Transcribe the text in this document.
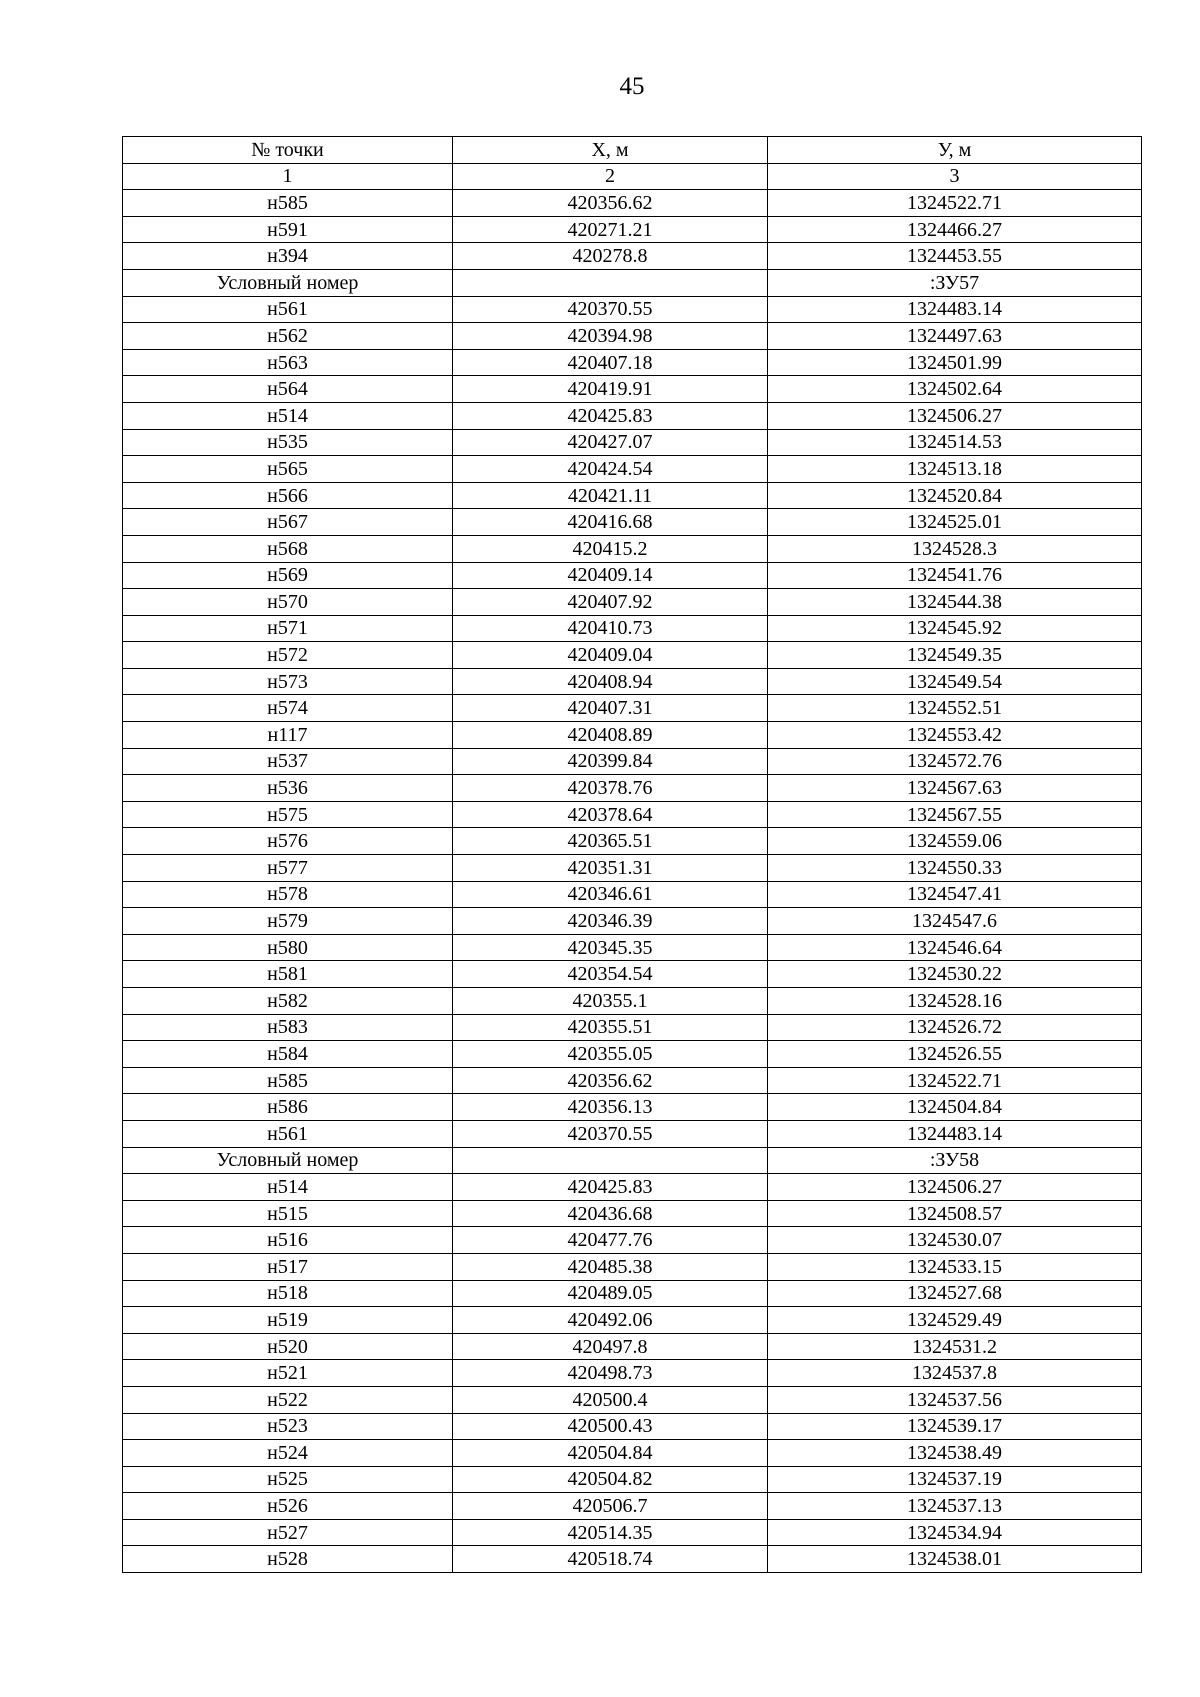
45
№ точки	X, м	У, м
1	2	3
н585	420356.62	1324522.71
н591	420271.21	1324466.27
н394	420278.8	1324453.55
Условный номер		:ЗУ57
н561	420370.55	1324483.14
н562	420394.98	1324497.63
н563	420407.18	1324501.99
н564	420419.91	1324502.64
н514	420425.83	1324506.27
н535	420427.07	1324514.53
н565	420424.54	1324513.18
н566	420421.11	1324520.84
н567	420416.68	1324525.01
н568	420415.2	1324528.3
н569	420409.14	1324541.76
н570	420407.92	1324544.38
н571	420410.73	1324545.92
н572	420409.04	1324549.35
н573	420408.94	1324549.54
н574	420407.31	1324552.51
н117	420408.89	1324553.42
н537	420399.84	1324572.76
н536	420378.76	1324567.63
н575	420378.64	1324567.55
н576	420365.51	1324559.06
н577	420351.31	1324550.33
н578	420346.61	1324547.41
н579	420346.39	1324547.6
н580	420345.35	1324546.64
н581	420354.54	1324530.22
н582	420355.1	1324528.16
н583	420355.51	1324526.72
н584	420355.05	1324526.55
н585	420356.62	1324522.71
н586	420356.13	1324504.84
н561	420370.55	1324483.14
Условный номер		:ЗУ58
н514	420425.83	1324506.27
н515	420436.68	1324508.57
н516	420477.76	1324530.07
н517	420485.38	1324533.15
н518	420489.05	1324527.68
н519	420492.06	1324529.49
н520	420497.8	1324531.2
н521	420498.73	1324537.8
н522	420500.4	1324537.56
н523	420500.43	1324539.17
н524	420504.84	1324538.49
н525	420504.82	1324537.19
н526	420506.7	1324537.13
н527	420514.35	1324534.94
н528	420518.74	1324538.01
